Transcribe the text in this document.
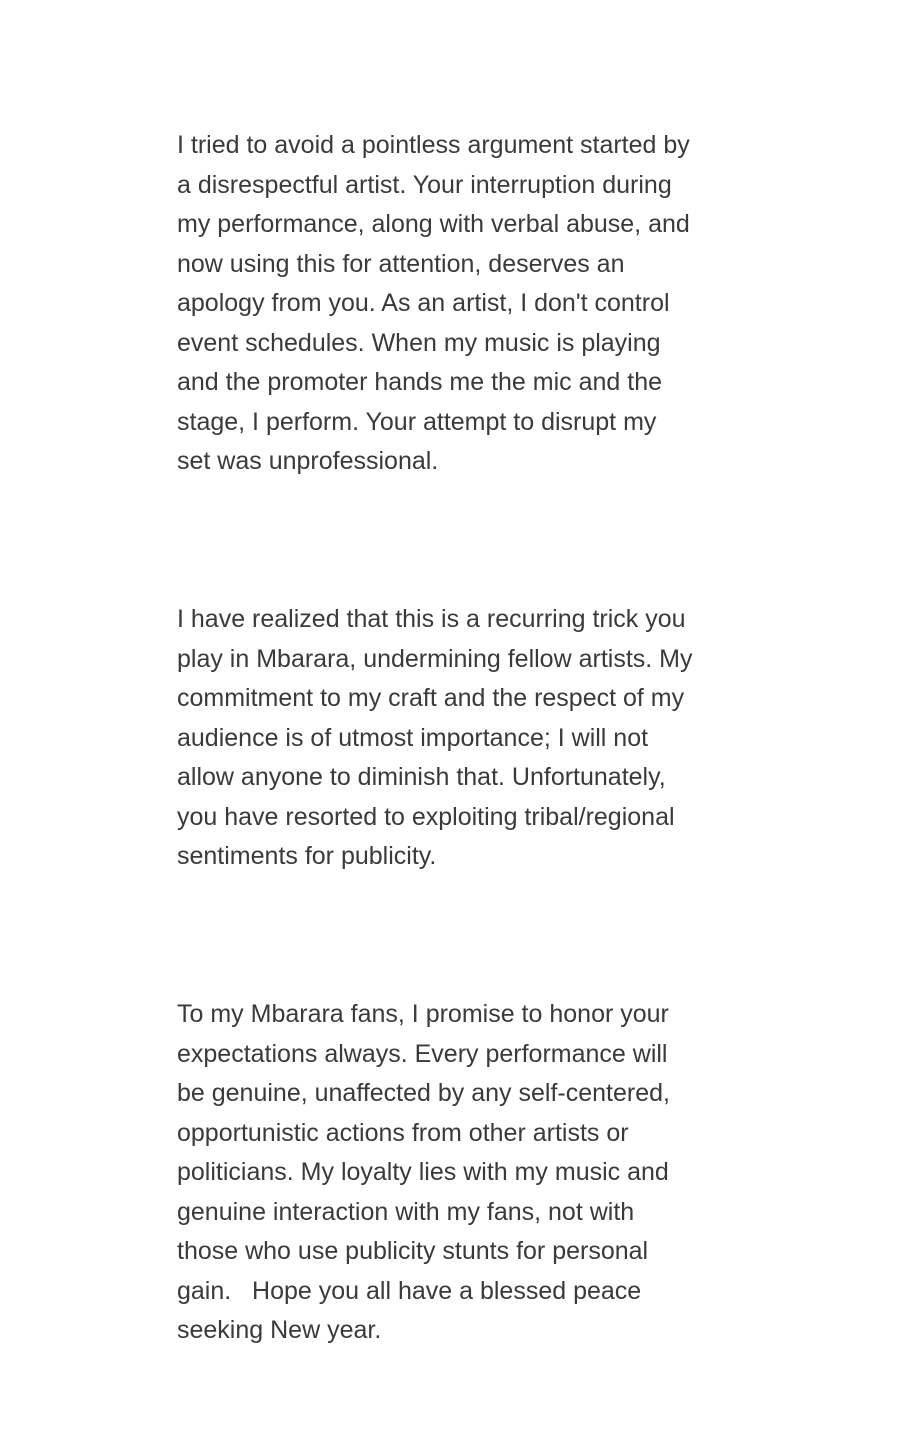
I tried to avoid a pointless argument started by
a disrespectful artist. Your interruption during
my performance, along with verbal abuse, and
now using this for attention, deserves an
apology from you. As an artist, I don't control
event schedules. When my music is playing
and the promoter hands me the mic and the
stage, I perform. Your attempt to disrupt my
set was unprofessional.

I have realized that this is a recurring trick you
play in Mbarara, undermining fellow artists. My
commitment to my craft and the respect of my
audience is of utmost importance; I will not
allow anyone to diminish that. Unfortunately,
you have resorted to exploiting tribal/regional
sentiments for publicity.

To my Mbarara fans, I promise to honor your
expectations always. Every performance will
be genuine, unaffected by any self-centered,
opportunistic actions from other artists or
politicians. My loyalty lies with my music and
genuine interaction with my fans, not with
those who use publicity stunts for personal
gain.   Hope you all have a blessed peace
seeking New year.
